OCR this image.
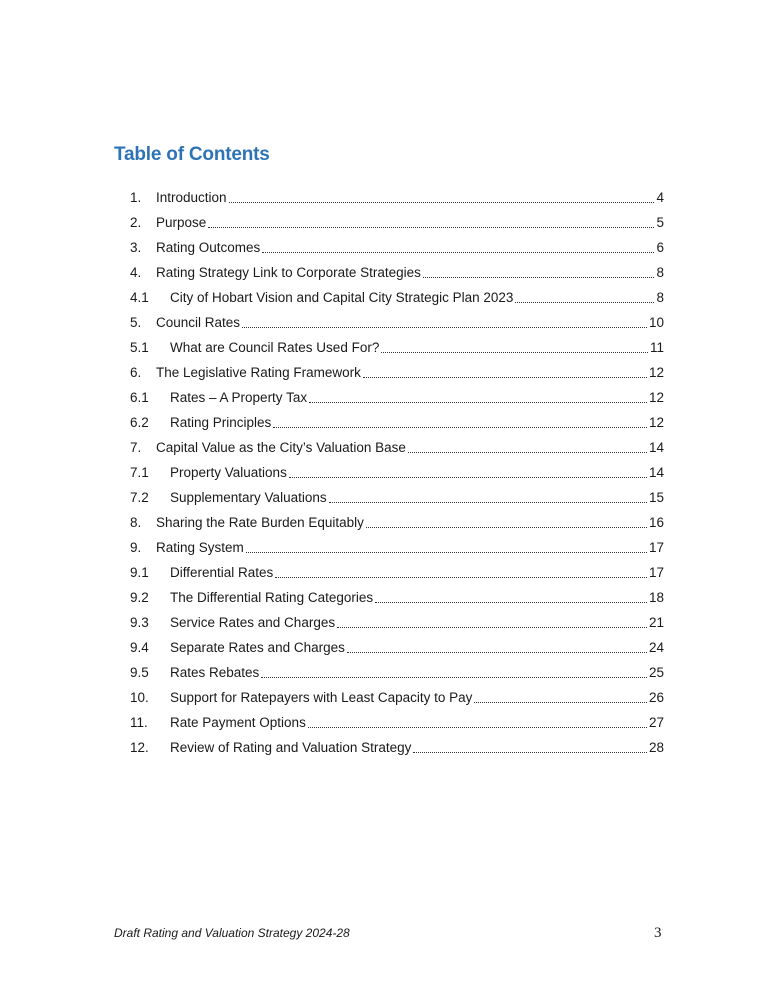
Table of Contents
1.	Introduction	4
2.	Purpose	5
3.	Rating Outcomes	6
4.	Rating Strategy Link to Corporate Strategies	8
4.1	City of Hobart Vision and Capital City Strategic Plan 2023	8
5.	Council Rates	10
5.1	What are Council Rates Used For?	11
6.	The Legislative Rating Framework	12
6.1	Rates – A Property Tax	12
6.2	Rating Principles	12
7.	Capital Value as the City’s Valuation Base	14
7.1	Property Valuations	14
7.2	Supplementary Valuations	15
8.	Sharing the Rate Burden Equitably	16
9.	Rating System	17
9.1	Differential Rates	17
9.2	The Differential Rating Categories	18
9.3	Service Rates and Charges	21
9.4	Separate Rates and Charges	24
9.5	Rates Rebates	25
10.	Support for Ratepayers with Least Capacity to Pay	26
11.	Rate Payment Options	27
12.	Review of Rating and Valuation Strategy	28
Draft Rating and Valuation Strategy 2024-28	3
